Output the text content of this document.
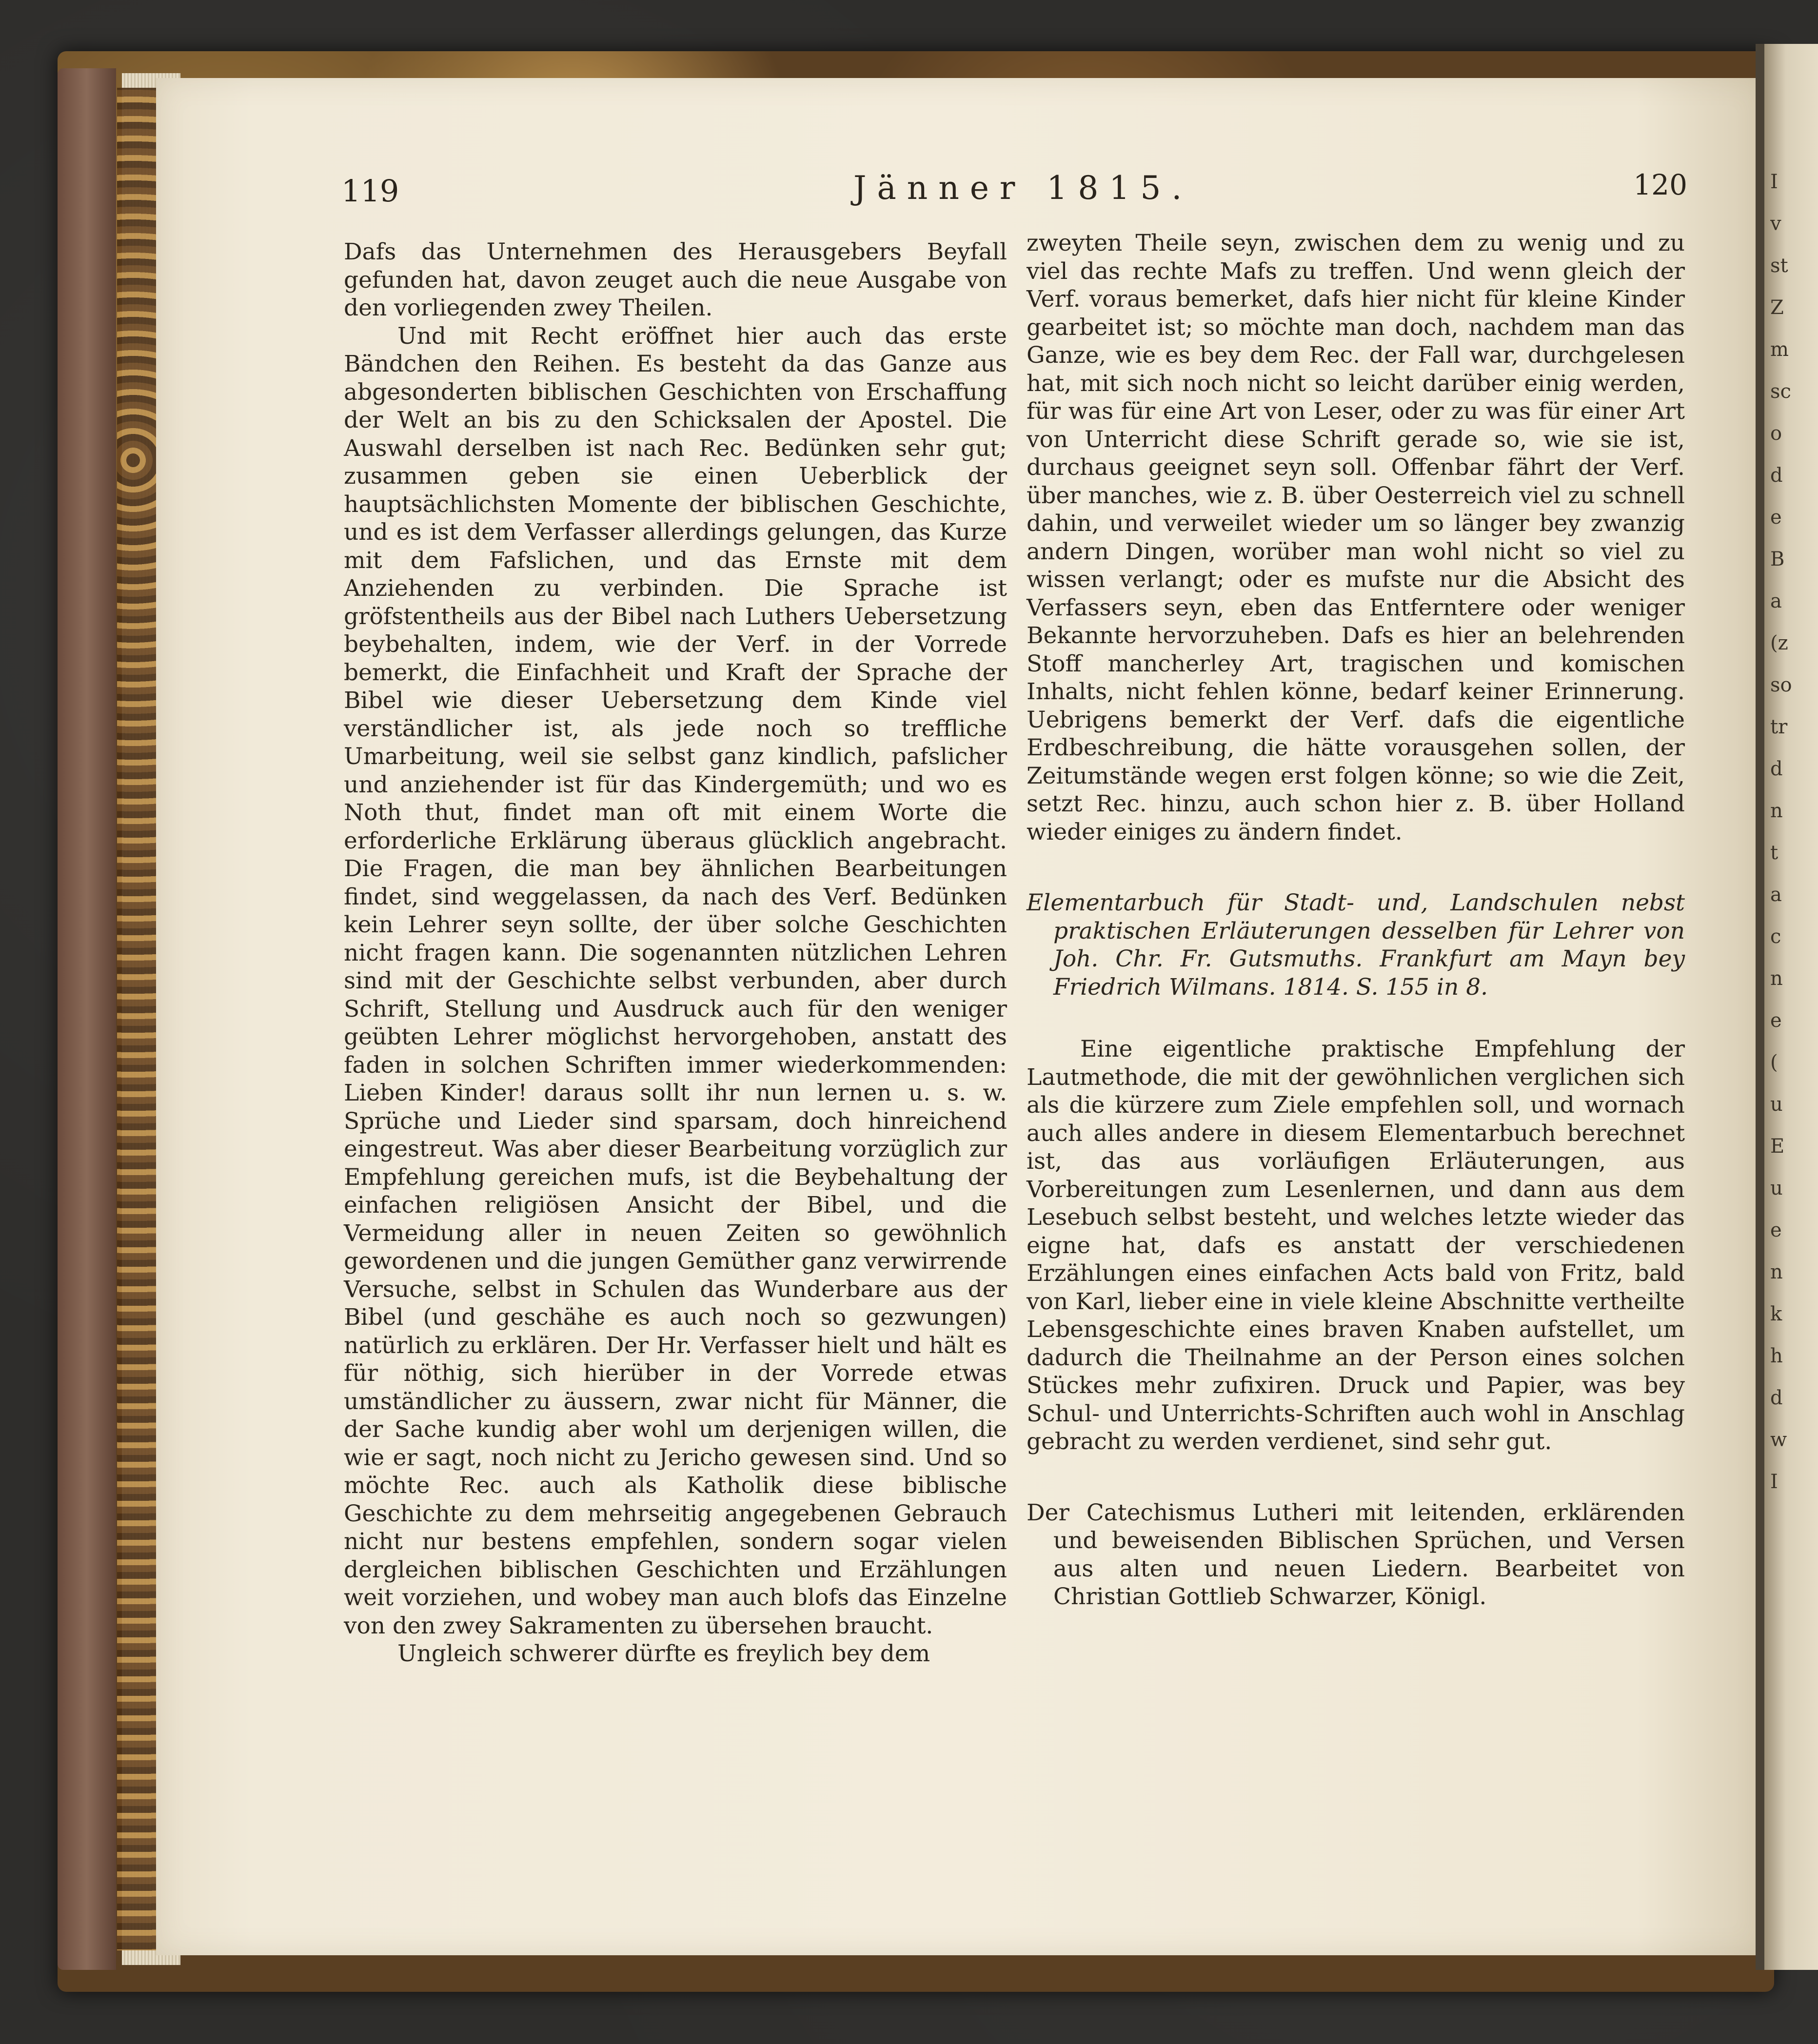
119	Jänner 1815.	120

Dafs das Unternehmen des Herausgebers Beyfall gefunden hat, davon zeuget auch die neue Ausgabe von den vorliegenden zwey Theilen.

Und mit Recht eröffnet hier auch das erste Bändchen den Reihen. Es besteht da das Ganze aus abgesonderten biblischen Geschichten von Erschaffung der Welt an bis zu den Schicksalen der Apostel. Die Auswahl derselben ist nach Rec. Bedünken sehr gut; zusammen geben sie einen Ueberblick der hauptsächlichsten Momente der biblischen Geschichte, und es ist dem Verfasser allerdings gelungen, das Kurze mit dem Fafslichen, und das Ernste mit dem Anziehenden zu verbinden. Die Sprache ist gröfstentheils aus der Bibel nach Luthers Uebersetzung beybehalten, indem, wie der Verf. in der Vorrede bemerkt, die Einfachheit und Kraft der Sprache der Bibel wie dieser Uebersetzung dem Kinde viel verständlicher ist, als jede noch so treffliche Umarbeitung, weil sie selbst ganz kindlich, pafslicher und anziehender ist für das Kindergemüth; und wo es Noth thut, findet man oft mit einem Worte die erforderliche Erklärung überaus glücklich angebracht. Die Fragen, die man bey ähnlichen Bearbeitungen findet, sind weggelassen, da nach des Verf. Bedünken kein Lehrer seyn sollte, der über solche Geschichten nicht fragen kann. Die sogenannten nützlichen Lehren sind mit der Geschichte selbst verbunden, aber durch Schrift, Stellung und Ausdruck auch für den weniger geübten Lehrer möglichst hervorgehoben, anstatt des faden in solchen Schriften immer wiederkommenden: Lieben Kinder! daraus sollt ihr nun lernen u. s. w. Sprüche und Lieder sind sparsam, doch hinreichend eingestreut. Was aber dieser Bearbeitung vorzüglich zur Empfehlung gereichen mufs, ist die Beybehaltung der einfachen religiösen Ansicht der Bibel, und die Vermeidung aller in neuen Zeiten so gewöhnlich gewordenen und die jungen Gemüther ganz verwirrende Versuche, selbst in Schulen das Wunderbare aus der Bibel (und geschähe es auch noch so gezwungen) natürlich zu erklären. Der Hr. Verfasser hielt und hält es für nöthig, sich hierüber in der Vorrede etwas umständlicher zu äussern, zwar nicht für Männer, die der Sache kundig aber wohl um derjenigen willen, die wie er sagt, noch nicht zu Jericho gewesen sind. Und so möchte Rec. auch als Katholik diese biblische Geschichte zu dem mehrseitig angegebenen Gebrauch nicht nur bestens empfehlen, sondern sogar vielen dergleichen biblischen Geschichten und Erzählungen weit vorziehen, und wobey man auch blofs das Einzelne von den zwey Sakramenten zu übersehen braucht.

Ungleich schwerer dürfte es freylich bey dem

zweyten Theile seyn, zwischen dem zu wenig und zu viel das rechte Mafs zu treffen. Und wenn gleich der Verf. voraus bemerket, dafs hier nicht für kleine Kinder gearbeitet ist; so möchte man doch, nachdem man das Ganze, wie es bey dem Rec. der Fall war, durchgelesen hat, mit sich noch nicht so leicht darüber einig werden, für was für eine Art von Leser, oder zu was für einer Art von Unterricht diese Schrift gerade so, wie sie ist, durchaus geeignet seyn soll. Offenbar fährt der Verf. über manches, wie z. B. über Oesterreich viel zu schnell dahin, und verweilet wieder um so länger bey zwanzig andern Dingen, worüber man wohl nicht so viel zu wissen verlangt; oder es mufste nur die Absicht des Verfassers seyn, eben das Entferntere oder weniger Bekannte hervorzuheben. Dafs es hier an belehrenden Stoff mancherley Art, tragischen und komischen Inhalts, nicht fehlen könne, bedarf keiner Erinnerung. Uebrigens bemerkt der Verf. dafs die eigentliche Erdbeschreibung, die hätte vorausgehen sollen, der Zeitumstände wegen erst folgen könne; so wie die Zeit, setzt Rec. hinzu, auch schon hier z. B. über Holland wieder einiges zu ändern findet.

Elementarbuch für Stadt- und, Landschulen nebst praktischen Erläuterungen desselben für Lehrer von Joh. Chr. Fr. Gutsmuths. Frankfurt am Mayn bey Friedrich Wilmans. 1814. S. 155 in 8.

Eine eigentliche praktische Empfehlung der Lautmethode, die mit der gewöhnlichen verglichen sich als die kürzere zum Ziele empfehlen soll, und wornach auch alles andere in diesem Elementarbuch berechnet ist, das aus vorläufigen Erläuterungen, aus Vorbereitungen zum Lesenlernen, und dann aus dem Lesebuch selbst besteht, und welches letzte wieder das eigne hat, dafs es anstatt der verschiedenen Erzählungen eines einfachen Acts bald von Fritz, bald von Karl, lieber eine in viele kleine Abschnitte vertheilte Lebensgeschichte eines braven Knaben aufstellet, um dadurch die Theilnahme an der Person eines solchen Stückes mehr zufixiren. Druck und Papier, was bey Schul- und Unterrichts-Schriften auch wohl in Anschlag gebracht zu werden verdienet, sind sehr gut.

Der Catechismus Lutheri mit leitenden, erklärenden und beweisenden Biblischen Sprüchen, und Versen aus alten und neuen Liedern. Bearbeitet von Christian Gottlieb Schwarzer, Königl.

I
v
st
Z
m
sc
o
d
e
B
a
(z
so
tr
d
n
t
a
c
n
e
(
u
E
u
e
n
k
h
d
w
I
